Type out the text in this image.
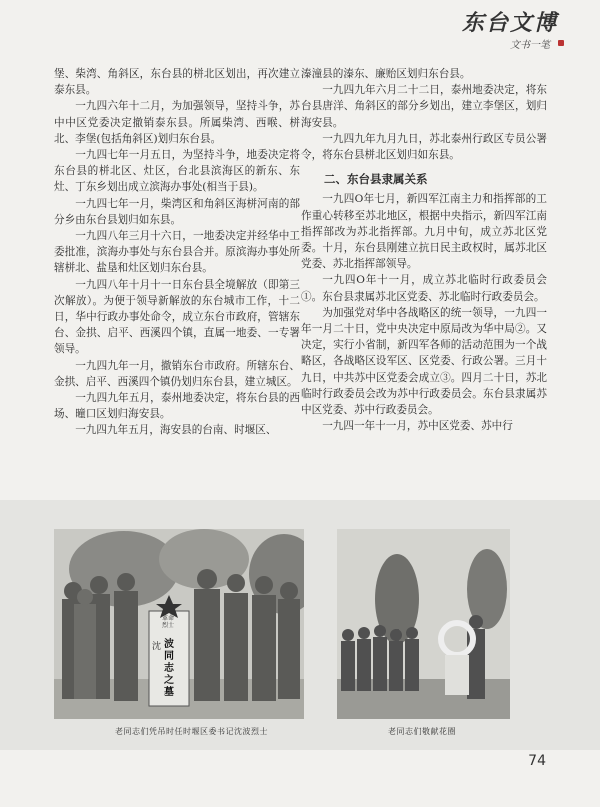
东台文博
文书一笔

堡、柴湾、角斜区，东台县的栟北区划出，再次建立泰东县。

一九四六年十二月，为加强领导，坚持斗争，苏中中区党委决定撤销泰东县。所属柴湾、西喉、栟北、李堡(包括角斜区)划归东台县。

一九四七年一月五日，为坚持斗争，地委决定将东台县的栟北区、灶区，台北县滨海区的新东、东灶、丁东乡划出成立滨海办事处(相当于县)。

一九四七年一月，柴湾区和角斜区海栟河南的部分乡由东台县划归如东县。

一九四八年三月十六日，一地委决定并经华中工委批准，滨海办事处与东台县合并。原滨海办事处所辖栟北、盐垦和灶区划归东台县。

一九四八年十月十一日东台县全境解放（即第三次解放）。为便于领导新解放的东台城市工作，十二日，华中行政办事处命令，成立东台市政府，管辖东台、金拱、启平、西溪四个镇，直属一地委、一专署领导。

一九四九年一月，撤销东台市政府。所辖东台、金拱、启平、西溪四个镇仍划归东台县，建立城区。

一九四九年五月，泰州地委决定，将东台县的西场、曈口区划归海安县。

一九四九年五月，海安县的台南、时堰区、

溱潼县的溱东、廉贻区划归东台县。

一九四九年六月二十二日，泰州地委决定，将东台县唐洋、角斜区的部分乡划出，建立李堡区，划归海安县。

一九四九年九月九日，苏北泰州行政区专员公署令，将东台县栟北区划归如东县。

二、东台县隶属关系

一九四O年七月，新四军江南主力和指挥部的工作重心转移至苏北地区，根据中央指示，新四军江南指挥部改为苏北指挥部。九月中旬，成立苏北区党委。十月，东台县刚建立抗日民主政权时，属苏北区党委、苏北指挥部领导。

一九四O年十一月，成立苏北临时行政委员会①。东台县隶属苏北区党委、苏北临时行政委员会。

为加强党对华中各战略区的统一领导，一九四一年一月二十日，党中央决定中原局改为华中局②。又决定，实行小省制，新四军各师的活动范围为一个战略区，各战略区设军区、区党委、行政公署。三月十九日，中共苏中区党委会成立③。四月二十日，苏北临时行政委员会改为苏中行政委员会。东台县隶属苏中区党委、苏中行政委员会。

一九四一年十一月，苏中区党委、苏中行

革命烈士
沈 波同志之墓
老同志们凭吊时任时堰区委书记沈波烈士	老同志们敬献花圈
74
